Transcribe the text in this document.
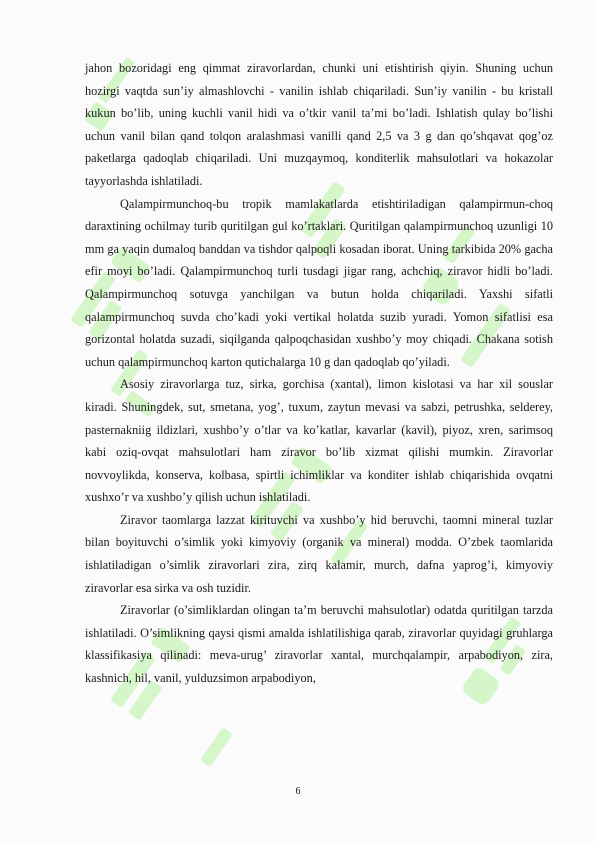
jahon bozoridagi eng qimmat ziravorlardan, chunki uni etishtirish qiyin. Shuning uchun hozirgi vaqtda sun’iy almashlovchi - vanilin ishlab chiqariladi. Sun’iy vanilin - bu kristall kukun bo’lib, uning kuchli vanil hidi va o’tkir vanil ta’mi bo’ladi. Ishlatish qulay bo’lishi uchun vanil bilan qand tolqon aralashmasi vanilli qand 2,5 va 3 g dan qo’shqavat qog’oz paketlarga qadoqlab chiqariladi. Uni muzqaymoq, konditerlik mahsulotlari va hokazolar tayyorlashda ishlatiladi.

Qalampirmunchoq-bu tropik mamlakatlarda etishtiriladigan qalampirmun-choq daraxtining ochilmay turib quritilgan gul ko’rtaklari. Quritilgan qalampirmunchoq uzunligi 10 mm ga yaqin dumaloq banddan va tishdor qalpoqli kosadan iborat. Uning tarkibida 20% gacha efir moyi bo’ladi. Qalampirmunchoq turli tusdagi jigar rang, achchiq, ziravor hidli bo’ladi. Qalampirmunchoq sotuvga yanchilgan va butun holda chiqariladi. Yaxshi sifatli qalampirmunchoq suvda cho’kadi yoki vertikal holatda suzib yuradi. Yomon sifatlisi esa gorizontal holatda suzadi, siqilganda qalpoqchasidan xushbo’y moy chiqadi. Chakana sotish uchun qalampirmunchoq karton qutichalarga 10 g dan qadoqlab qo’yiladi.

Asosiy ziravorlarga tuz, sirka, gorchisa (xantal), limon kislotasi va har xil souslar kiradi. Shuningdek, sut, smetana, yog’, tuxum, zaytun mevasi va sabzi, petrushka, selderey, pasternakniig ildizlari, xushbo’y o’tlar va ko’katlar, kavarlar (kavil), piyoz, xren, sarimsoq kabi oziq-ovqat mahsulotlari ham ziravor bo’lib xizmat qilishi mumkin. Ziravorlar novvoylikda, konserva, kolbasa, spirtli ichimliklar va konditer ishlab chiqarishida ovqatni xushxo’r va xushbo’y qilish uchun ishlatiladi.

Ziravor taomlarga lazzat kirituvchi va xushbo’y hid beruvchi, taomni mineral tuzlar bilan boyituvchi o’simlik yoki kimyoviy (organik va mineral) modda. O’zbek taomlarida ishlatiladigan o’simlik ziravorlari zira, zirq kalamir, murch, dafna yaprog’i, kimyoviy ziravorlar esa sirka va osh tuzidir.

Ziravorlar (o’simliklardan olingan ta’m beruvchi mahsulotlar) odatda quritilgan tarzda ishlatiladi. O’simlikning qaysi qismi amalda ishlatilishiga qarab, ziravorlar quyidagi gruhlarga klassifikasiya qilinadi: meva-urug’ ziravorlar xantal, murchqalampir, arpabodiyon, zira, kashnich, hil, vanil, yulduzsimon arpabodiyon,

6
